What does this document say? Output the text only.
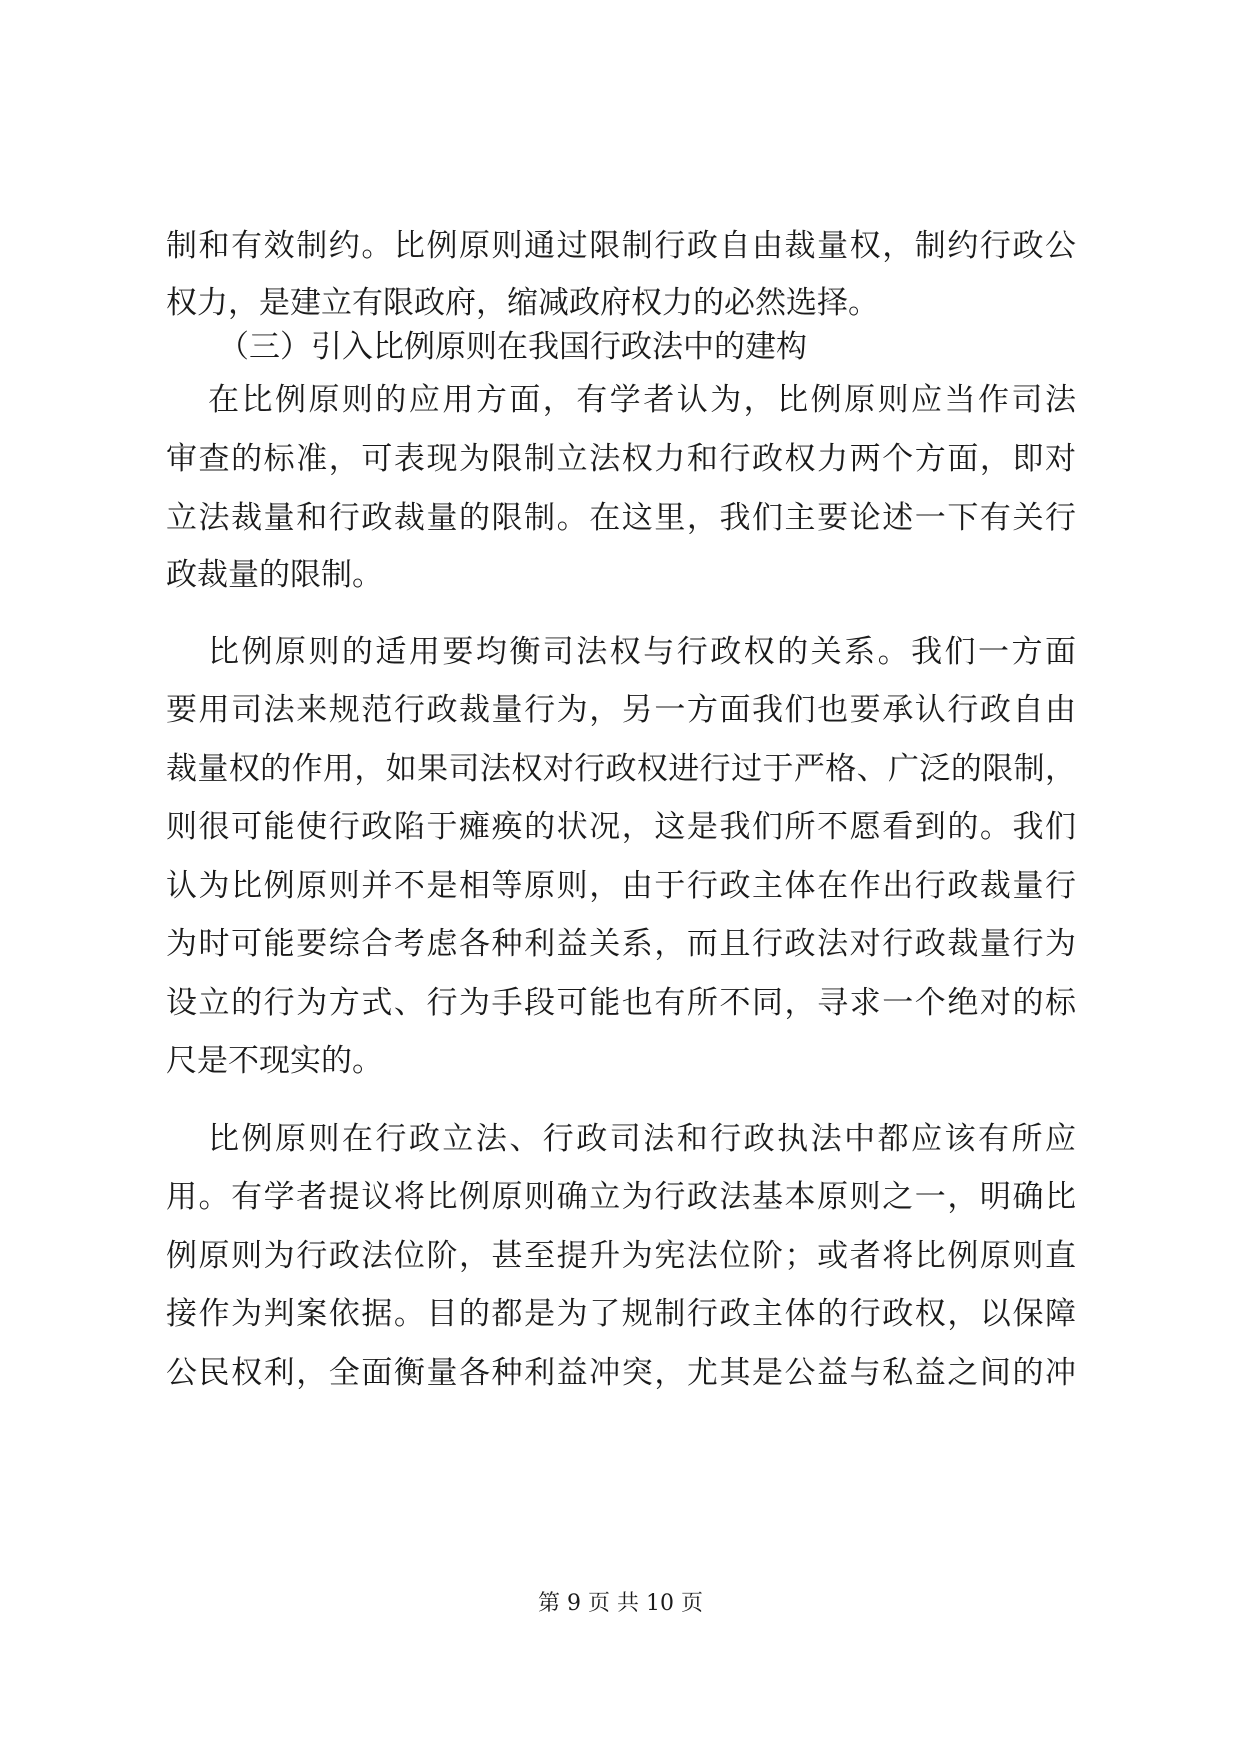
制和有效制约。比例原则通过限制行政自由裁量权，制约行政公
权力，是建立有限政府，缩减政府权力的必然选择。
（三）引入比例原则在我国行政法中的建构
在比例原则的应用方面，有学者认为，比例原则应当作司法
审查的标准，可表现为限制立法权力和行政权力两个方面，即对
立法裁量和行政裁量的限制。在这里，我们主要论述一下有关行
政裁量的限制。
比例原则的适用要均衡司法权与行政权的关系。我们一方面
要用司法来规范行政裁量行为，另一方面我们也要承认行政自由
裁量权的作用，如果司法权对行政权进行过于严格、广泛的限制，
则很可能使行政陷于瘫痪的状况，这是我们所不愿看到的。我们
认为比例原则并不是相等原则，由于行政主体在作出行政裁量行
为时可能要综合考虑各种利益关系，而且行政法对行政裁量行为
设立的行为方式、行为手段可能也有所不同，寻求一个绝对的标
尺是不现实的。
比例原则在行政立法、行政司法和行政执法中都应该有所应
用。有学者提议将比例原则确立为行政法基本原则之一，明确比
例原则为行政法位阶，甚至提升为宪法位阶；或者将比例原则直
接作为判案依据。目的都是为了规制行政主体的行政权，以保障
公民权利，全面衡量各种利益冲突，尤其是公益与私益之间的冲
第 9 页 共 10 页
